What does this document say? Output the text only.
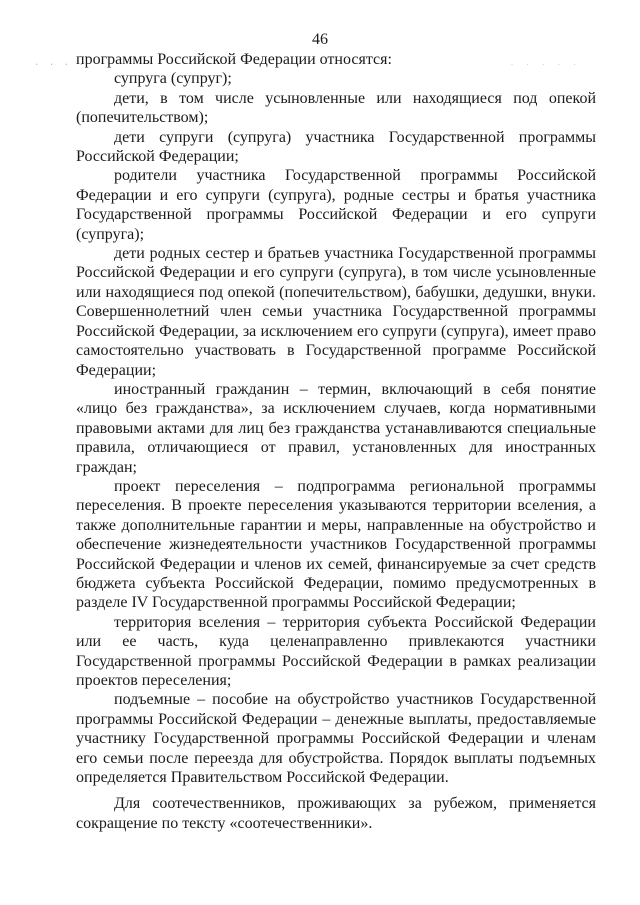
46
. . . .	. . . . .

программы Российской Федерации относятся:

супруга (супруг);

дети, в том числе усыновленные или находящиеся под опекой (попечительством);

дети супруги (супруга) участника Государственной программы Российской Федерации;

родители участника Государственной программы Российской Федерации и его супруги (супруга), родные сестры и братья участника Государственной программы Российской Федерации и его супруги (супруга);

дети родных сестер и братьев участника Государственной программы Российской Федерации и его супруги (супруга), в том числе усыновленные или находящиеся под опекой (попечительством), бабушки, дедушки, внуки. Совершеннолетний член семьи участника Государственной программы Российской Федерации, за исключением его супруги (супруга), имеет право самостоятельно участвовать в Государственной программе Российской Федерации;

иностранный гражданин – термин, включающий в себя понятие «лицо без гражданства», за исключением случаев, когда нормативными правовыми актами для лиц без гражданства устанавливаются специальные правила, отличающиеся от правил, установленных для иностранных граждан;

проект переселения – подпрограмма региональной программы переселения. В проекте переселения указываются территории вселения, а также дополнительные гарантии и меры, направленные на обустройство и обеспечение жизнедеятельности участников Государственной программы Российской Федерации и членов их семей, финансируемые за счет средств бюджета субъекта Российской Федерации, помимо предусмотренных в разделе IV Государственной программы Российской Федерации;

территория вселения – территория субъекта Российской Федерации или ее часть, куда целенаправленно привлекаются участники Государственной программы Российской Федерации в рамках реализации проектов переселения;

подъемные – пособие на обустройство участников Государственной программы Российской Федерации – денежные выплаты, предоставляемые участнику Государственной программы Российской Федерации и членам его семьи после переезда для обустройства. Порядок выплаты подъемных определяется Правительством Российской Федерации.

Для соотечественников, проживающих за рубежом, применяется сокращение по тексту «соотечественники».
